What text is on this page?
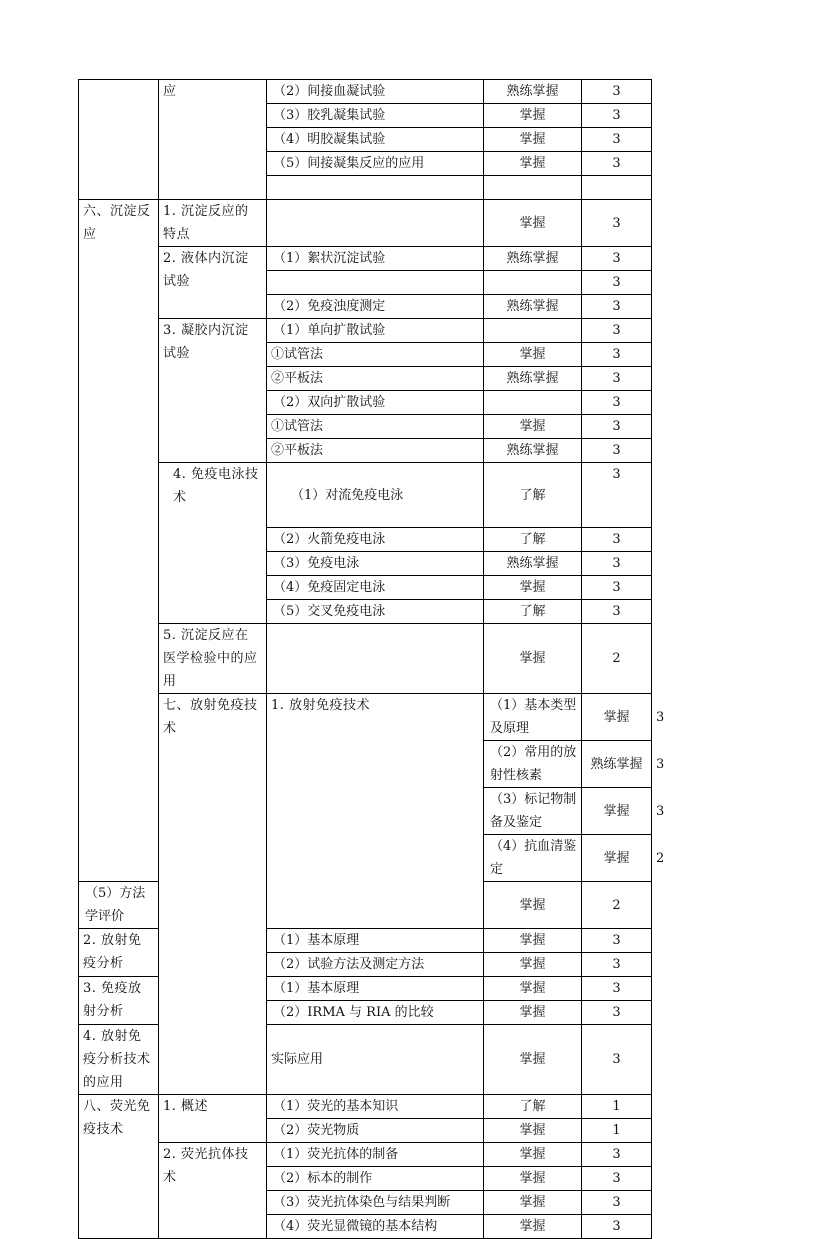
	应	（2）间接血凝试验	熟练掌握	3	
		（3）胶乳凝集试验	掌握	3	
		（4）明胶凝集试验	掌握	3	
		（5）间接凝集反应的应用	掌握	3	

六、沉淀反应	1. 沉淀反应的特点		掌握	3	
	2. 液体内沉淀试验	（1）絮状沉淀试验	熟练掌握	3	
				3	
		（2）免疫浊度测定	熟练掌握	3	
	3. 凝胶内沉淀试验	（1）单向扩散试验		3	
		①试管法	掌握	3	
		②平板法	熟练掌握	3	
		（2）双向扩散试验		3	
		①试管法	掌握	3	
		②平板法	熟练掌握	3	
	4. 免疫电泳技术	（1）对流免疫电泳	了解	3	
		（2）火箭免疫电泳	了解	3	
		（3）免疫电泳	熟练掌握	3	
		（4）免疫固定电泳	掌握	3	
		（5）交叉免疫电泳	了解	3	
	5. 沉淀反应在医学检验中的应用		掌握	2	
	七、放射免疫技术	1. 放射免疫技术	（1）基本类型及原理	掌握	3
			（2）常用的放射性核素	熟练掌握	3
			（3）标记物制备及鉴定	掌握	3
			（4）抗血清鉴定	掌握	2
（5）方法学评价			掌握	2	
2. 放射免疫分析		（1）基本原理	掌握	3	
		（2）试验方法及测定方法	掌握	3	
3. 免疫放射分析		（1）基本原理	掌握	3	
		（2）IRMA 与 RIA 的比较	掌握	3	
4. 放射免疫分析技术的应用		实际应用	掌握	3	
八、荧光免疫技术	1. 概述	（1）荧光的基本知识	了解	1	
		（2）荧光物质	掌握	1	
	2. 荧光抗体技术	（1）荧光抗体的制备	掌握	3	
		（2）标本的制作	掌握	3	
		（3）荧光抗体染色与结果判断	掌握	3	
		（4）荧光显微镜的基本结构	掌握	3	
